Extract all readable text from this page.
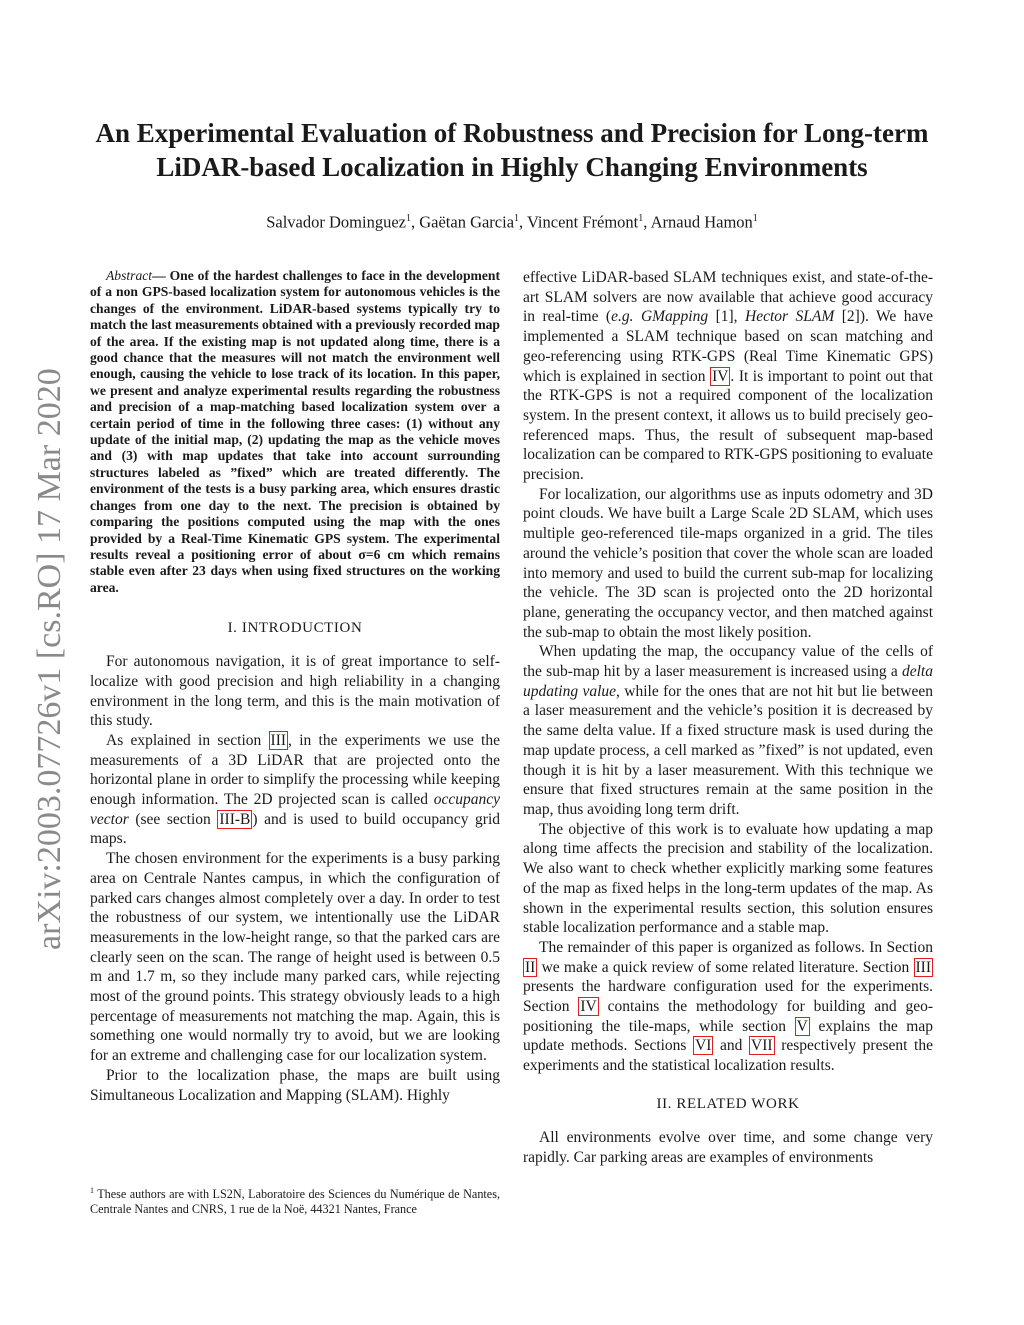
arXiv:2003.07726v1 [cs.RO] 17 Mar 2020
An Experimental Evaluation of Robustness and Precision for Long-term
LiDAR-based Localization in Highly Changing Environments
Salvador Dominguez$^1$, Gaëtan Garcia$^1$, Vincent Frémont$^1$, Arnaud Hamon$^1$

Abstract— One of the hardest challenges to face in the development of a non GPS-based localization system for autonomous vehicles is the changes of the environment. LiDAR-based systems typically try to match the last measurements obtained with a previously recorded map of the area. If the existing map is not updated along time, there is a good chance that the measures will not match the environment well enough, causing the vehicle to lose track of its location. In this paper, we present and analyze experimental results regarding the robustness and precision of a map-matching based localization system over a certain period of time in the following three cases: (1) without any update of the initial map, (2) updating the map as the vehicle moves and (3) with map updates that take into account surrounding structures labeled as ”fixed” which are treated differently. The environment of the tests is a busy parking area, which ensures drastic changes from one day to the next. The precision is obtained by comparing the positions computed using the map with the ones provided by a Real-Time Kinematic GPS system. The experimental results reveal a positioning error of about σ=6 cm which remains stable even after 23 days when using fixed structures on the working area.

I. INTRODUCTION

For autonomous navigation, it is of great importance to self-localize with good precision and high reliability in a changing environment in the long term, and this is the main motivation of this study.

As explained in section III , in the experiments we use the measurements of a 3D LiDAR that are projected onto the horizontal plane in order to simplify the processing while keeping enough information. The 2D projected scan is called occupancy vector (see section III-B ) and is used to build occupancy grid maps.

The chosen environment for the experiments is a busy parking area on Centrale Nantes campus, in which the configuration of parked cars changes almost completely over a day. In order to test the robustness of our system, we intentionally use the LiDAR measurements in the low-height range, so that the parked cars are clearly seen on the scan. The range of height used is between 0.5 m and 1.7 m, so they include many parked cars, while rejecting most of the ground points. This strategy obviously leads to a high percentage of measurements not matching the map. Again, this is something one would normally try to avoid, but we are looking for an extreme and challenging case for our localization system.

Prior to the localization phase, the maps are built using Simultaneous Localization and Mapping (SLAM). Highly

$^1$ These authors are with LS2N, Laboratoire des Sciences du Numérique de Nantes, Centrale Nantes and CNRS, 1 rue de la Noë, 44321 Nantes, France

effective LiDAR-based SLAM techniques exist, and state-of-the-art SLAM solvers are now available that achieve good accuracy in real-time (e.g. GMapping [1], Hector SLAM [2]). We have implemented a SLAM technique based on scan matching and geo-referencing using RTK-GPS (Real Time Kinematic GPS) which is explained in section IV . It is important to point out that the RTK-GPS is not a required component of the localization system. In the present context, it allows us to build precisely geo-referenced maps. Thus, the result of subsequent map-based localization can be compared to RTK-GPS positioning to evaluate precision.

For localization, our algorithms use as inputs odometry and 3D point clouds. We have built a Large Scale 2D SLAM, which uses multiple geo-referenced tile-maps organized in a grid. The tiles around the vehicle’s position that cover the whole scan are loaded into memory and used to build the current sub-map for localizing the vehicle. The 3D scan is projected onto the 2D horizontal plane, generating the occupancy vector, and then matched against the sub-map to obtain the most likely position.

When updating the map, the occupancy value of the cells of the sub-map hit by a laser measurement is increased using a delta updating value, while for the ones that are not hit but lie between a laser measurement and the vehicle’s position it is decreased by the same delta value. If a fixed structure mask is used during the map update process, a cell marked as ”fixed” is not updated, even though it is hit by a laser measurement. With this technique we ensure that fixed structures remain at the same position in the map, thus avoiding long term drift.

The objective of this work is to evaluate how updating a map along time affects the precision and stability of the localization. We also want to check whether explicitly marking some features of the map as fixed helps in the long-term updates of the map. As shown in the experimental results section, this solution ensures stable localization performance and a stable map.

The remainder of this paper is organized as follows. In Section II we make a quick review of some related literature. Section III presents the hardware configuration used for the experiments. Section IV contains the methodology for building and geo-positioning the tile-maps, while section V explains the map update methods. Sections VI and VII respectively present the experiments and the statistical localization results.

II. RELATED WORK

All environments evolve over time, and some change very rapidly. Car parking areas are examples of environments
